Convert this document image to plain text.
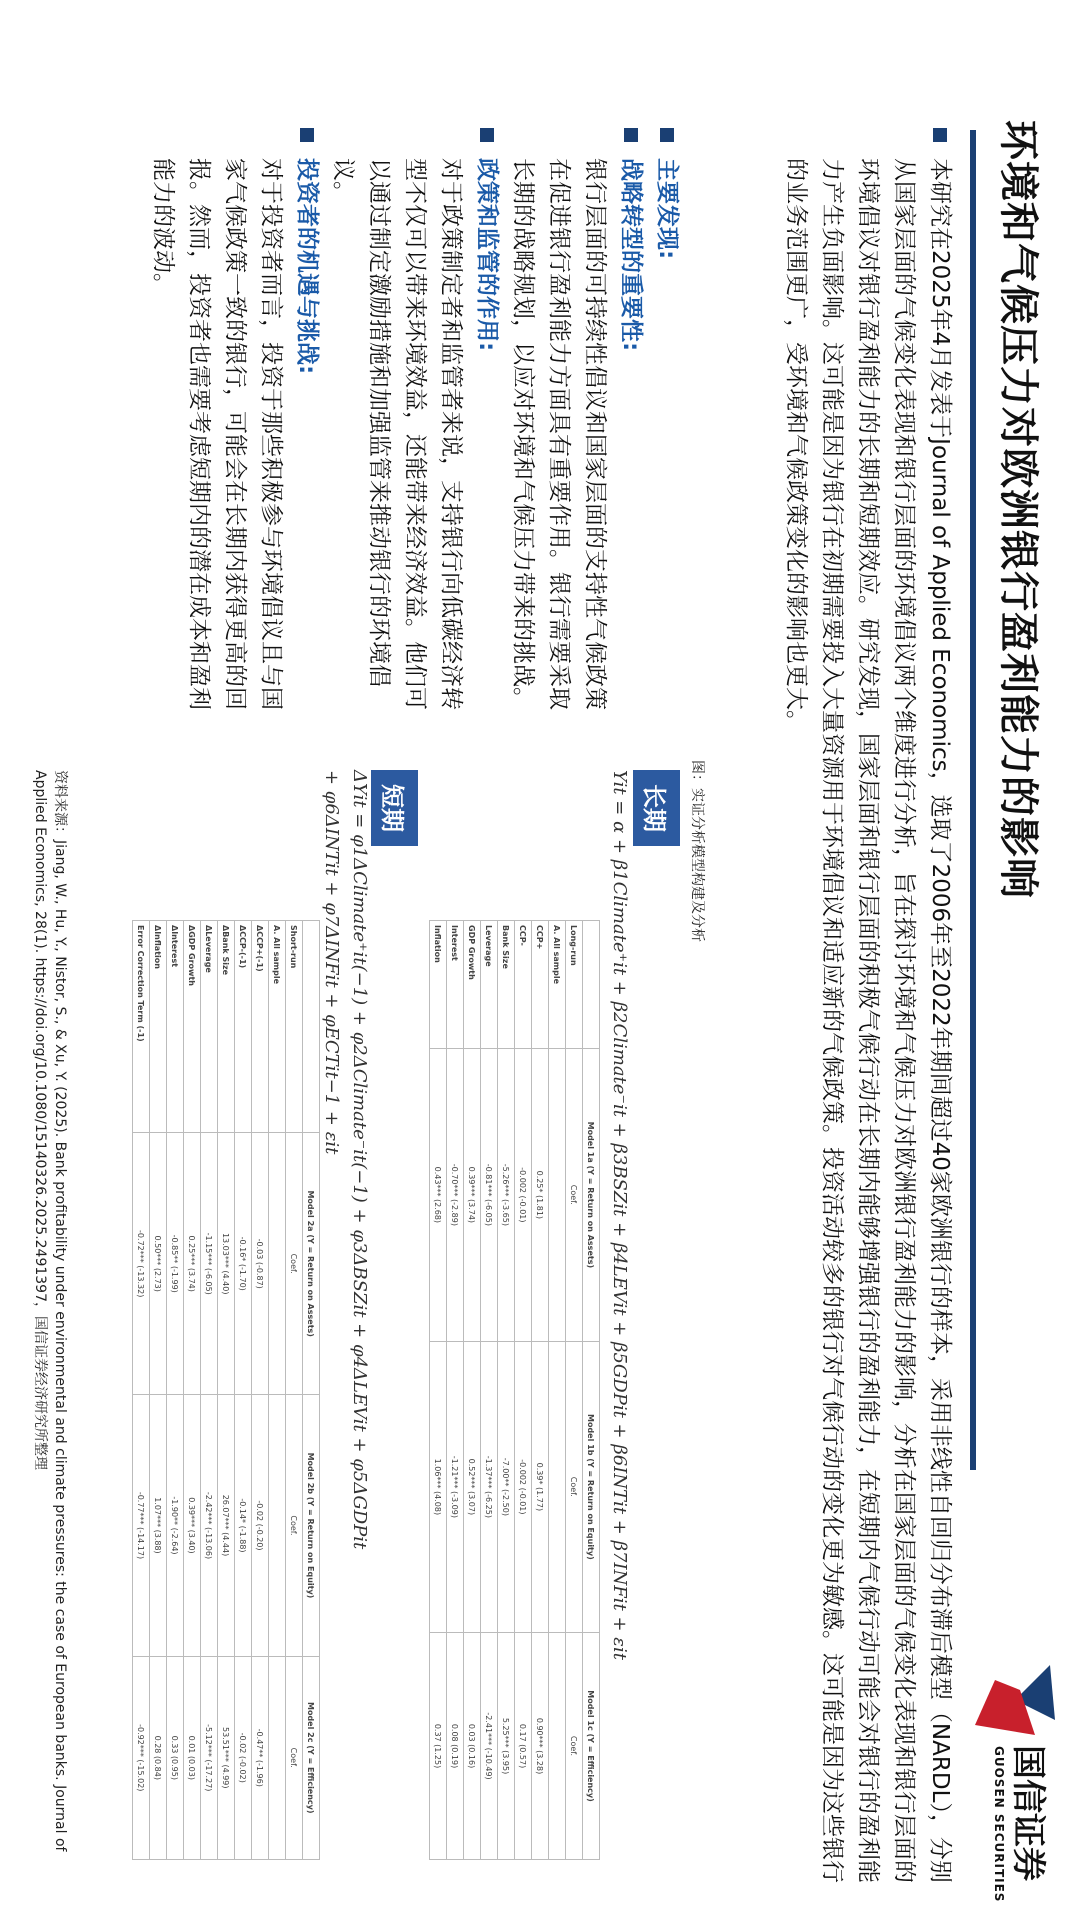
环境和气候压力对欧洲银行盈利能力的影响
国信证券
GUOSEN SECURITIES
本研究在2025年4月发表于Journal of Applied Economics，选取了2006年至2022年期间超过40家欧洲银行的样本，采用非线性自回归分布滞后模型（NARDL），分别从国家层面的气候变化表现和银行层面的环境倡议两个维度进行分析，旨在探讨环境和气候压力对欧洲银行盈利能力的影响，分析在国家层面的气候变化表现和银行层面的环境倡议对银行盈利能力的长期和短期效应。研究发现，国家层面和银行层面的积极气候行动在长期内能够增强银行的盈利能力，在短期内气候行动可能会对银行的盈利能力产生负面影响。这可能是因为银行在初期需要投入大量资源用于环境倡议和适应新的气候政策。投资活动较多的银行对气候行动的变化更为敏感。这可能是因为这些银行的业务范围更广，受环境和气候政策变化的影响也更大。
图：实证分析模型构建及分析
主要发现:
战略转型的重要性:
银行层面的可持续性倡议和国家层面的支持性气候政策在促进银行盈利能力方面具有重要作用。银行需要采取长期的战略规划，以应对环境和气候压力带来的挑战。
政策和监管的作用:
对于政策制定者和监管者来说，支持银行向低碳经济转型不仅可以带来环境效益，还能带来经济效益。他们可以通过制定激励措施和加强监管来推动银行的环境倡议。
投资者的机遇与挑战:
对于投资者而言，投资于那些积极参与环境倡议且与国家气候政策一致的银行，可能会在长期内获得更高的回报。然而，投资者也需要考虑短期内的潜在成本和盈利能力的波动。
长期
Yit = α + β1Climate⁺it + β2Climate⁻it + β3BSZit + β4LEVit + β5GDPit + β6INTit + β7INFit + εit
	Model 1a (Y = Return on Assets)	Model 1b (Y = Return on Equity)	Model 1c (Y = Efficiency)
Long-run	Coef.	Coef.	Coef.
A. All sample			
CCP+	0.25* (1.81)	0.39* (1.77)	0.90*** (3.28)
CCP-	-0.002 (-0.01)	-0.002 (-0.01)	0.17 (0.57)
Bank Size	-5.26*** (-3.65)	-7.00** (-2.50)	5.25*** (3.95)
Leverage	-0.81*** (-6.05)	-1.37*** (-6.25)	-2.41*** (-10.49)
GDP Growth	0.39*** (3.74)	0.52*** (3.07)	0.03 (0.16)
Interest	-0.70*** (-2.89)	-1.21*** (-3.09)	0.08 (0.19)
Inflation	0.43*** (2.68)	1.06*** (4.08)	0.37 (1.25)
短期
ΔYit = φ1ΔClimate⁺it(−1) + φ2ΔClimate⁻it(−1) + φ3ΔBSZit + φ4ΔLEVit + φ5ΔGDPit
+ φ6ΔINTit + φ7ΔINFit + φECTit−1 + εit
	Model 2a (Y = Return on Assets)	Model 2b (Y = Return on Equity)	Model 2c (Y = Efficiency)
Short-run	Coef.	Coef.	Coef.
A. All sample			
ΔCCP+(-1)	-0.03 (-0.87)	-0.02 (-0.20)	-0.47** (-1.96)
ΔCCP-(-1)	-0.16* (-1.70)	-0.14* (-1.88)	-0.02 (-0.02)
ΔBank Size	13.03*** (4.40)	26.07*** (4.44)	53.51*** (4.99)
ΔLeverage	-1.15*** (-6.05)	-2.42*** (-13.06)	-5.12*** (-17.27)
ΔGDP Growth	0.25*** (3.74)	0.39*** (3.40)	0.01 (0.03)
ΔInterest	-0.85** (-1.99)	-1.90** (-2.64)	0.33 (0.95)
ΔInflation	0.50*** (2.73)	1.07*** (3.88)	0.28 (0.84)
Error Correction Term (-1)	-0.72*** (-13.32)	-0.77*** (-14.17)	-0.92*** (-15.02)
资料来源：Jiang, W., Hu, Y., Nistor, S., & Xu, Y. (2025). Bank profitability under environmental and climate pressures: the case of European banks. Journal of Applied Economics, 28(1). https://doi.org/10.1080/15140326.2025.2491397，国信证券经济研究所整理
